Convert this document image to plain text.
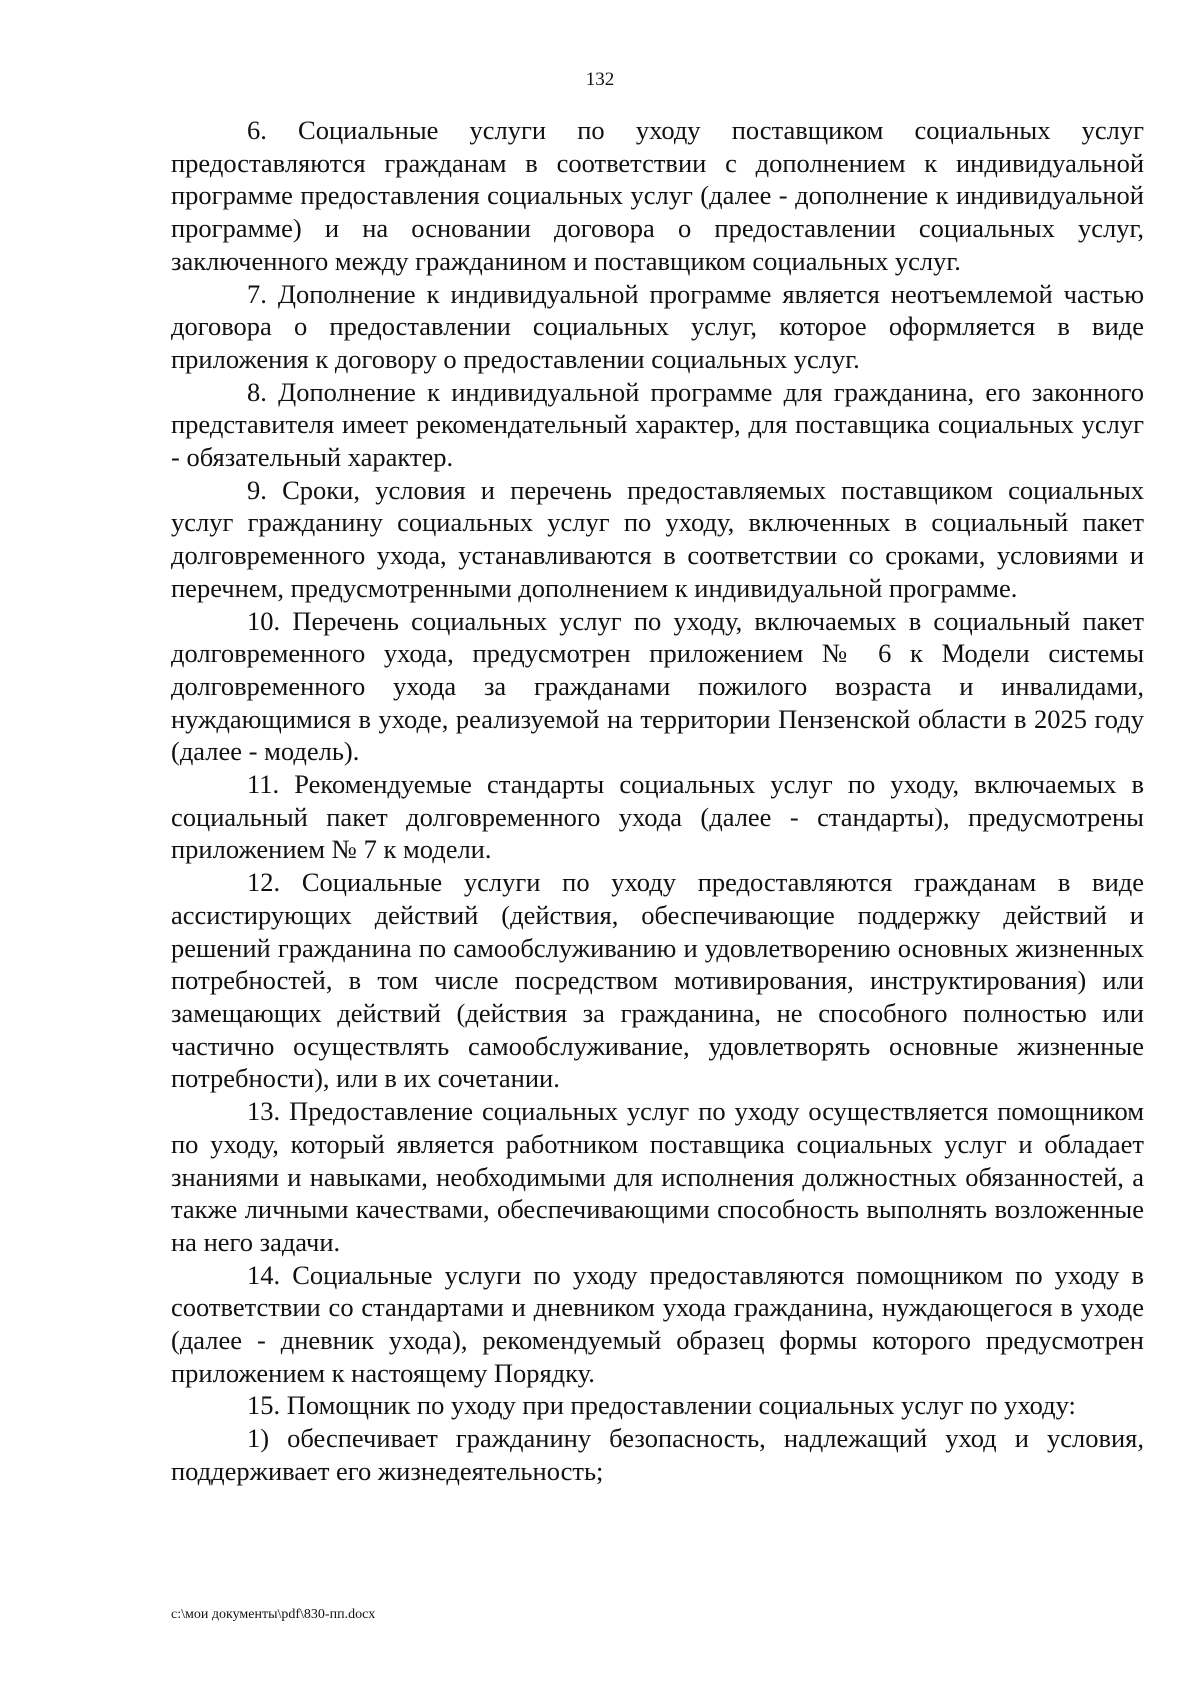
132

6. Социальные услуги по уходу поставщиком социальных услуг предоставляются гражданам в соответствии с дополнением к индивидуальной программе предоставления социальных услуг (далее - дополнение к индивидуальной программе) и на основании договора о предоставлении социальных услуг, заключенного между гражданином и поставщиком социальных услуг.

7. Дополнение к индивидуальной программе является неотъемлемой частью договора о предоставлении социальных услуг, которое оформляется в виде приложения к договору о предоставлении социальных услуг.

8. Дополнение к индивидуальной программе для гражданина, его законного представителя имеет рекомендательный характер, для поставщика социальных услуг - обязательный характер.

9. Сроки, условия и перечень предоставляемых поставщиком социальных услуг гражданину социальных услуг по уходу, включенных в социальный пакет долговременного ухода, устанавливаются в соответствии со сроками, условиями и перечнем, предусмотренными дополнением к индивидуальной программе.

10. Перечень социальных услуг по уходу, включаемых в социальный пакет долговременного ухода, предусмотрен приложением № 6 к Модели системы долговременного ухода за гражданами пожилого возраста и инвалидами, нуждающимися в уходе, реализуемой на территории Пензенской области в 2025 году (далее - модель).

11. Рекомендуемые стандарты социальных услуг по уходу, включаемых в социальный пакет долговременного ухода (далее - стандарты), предусмотрены приложением № 7 к модели.

12. Социальные услуги по уходу предоставляются гражданам в виде ассистирующих действий (действия, обеспечивающие поддержку действий и решений гражданина по самообслуживанию и удовлетворению основных жизненных потребностей, в том числе посредством мотивирования, инструктирования) или замещающих действий (действия за гражданина, не способного полностью или частично осуществлять самообслуживание, удовлетворять основные жизненные потребности), или в их сочетании.

13. Предоставление социальных услуг по уходу осуществляется помощником по уходу, который является работником поставщика социальных услуг и обладает знаниями и навыками, необходимыми для исполнения должностных обязанностей, а также личными качествами, обеспечивающими способность выполнять возложенные на него задачи.

14. Социальные услуги по уходу предоставляются помощником по уходу в соответствии со стандартами и дневником ухода гражданина, нуждающегося в уходе (далее - дневник ухода), рекомендуемый образец формы которого предусмотрен приложением к настоящему Порядку.

15. Помощник по уходу при предоставлении социальных услуг по уходу:

1) обеспечивает гражданину безопасность, надлежащий уход и условия, поддерживает его жизнедеятельность;

c:\мои документы\pdf\830-пп.docx
